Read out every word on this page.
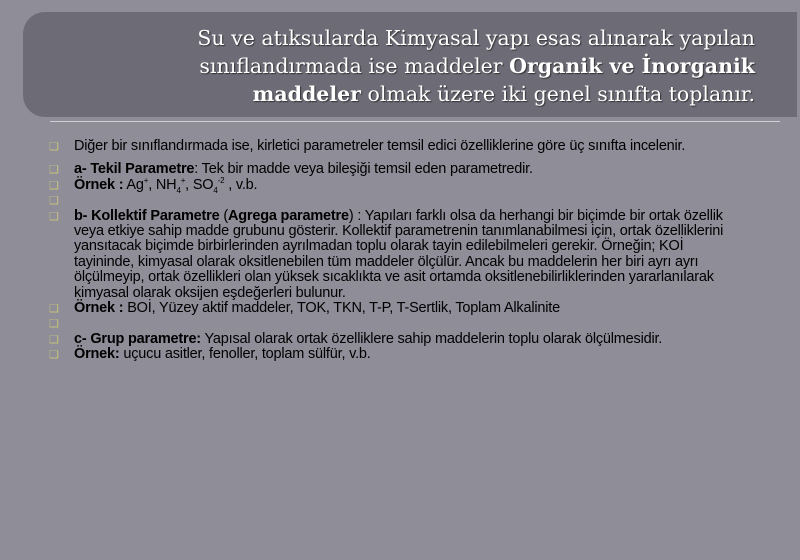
Su ve atıksularda Kimyasal yapı esas alınarak yapılan
sınıflandırmada ise maddeler Organik ve İnorganik
maddeler olmak üzere iki genel sınıfta toplanır.
❑ Diğer bir sınıflandırmada ise, kirletici parametreler temsil edici özelliklerine göre üç sınıfta incelenir.
❑ a- Tekil Parametre: Tek bir madde veya bileşiği temsil eden parametredir.
❑ Örnek : Ag+, $NH_4^+$, $SO_4^{-2}$ , v.b.
❑
❑ b- Kollektif Parametre (Agrega parametre) : Yapıları farklı olsa da herhangi bir biçimde bir ortak özellik veya etkiye sahip madde grubunu gösterir. Kollektif parametrenin tanımlanabilmesi için, ortak özelliklerini yansıtacak biçimde birbirlerinden ayrılmadan toplu olarak tayin edilebilmeleri gerekir. Örneğin; KOİ tayininde, kimyasal olarak oksitlenebilen tüm maddeler ölçülür. Ancak bu maddelerin her biri ayrı ayrı ölçülmeyip, ortak özellikleri olan yüksek sıcaklıkta ve asit ortamda oksitlenebilirliklerinden yararlanılarak kimyasal olarak oksijen eşdeğerleri bulunur.
❑ Örnek : BOİ, Yüzey aktif maddeler, TOK, TKN, T-P, T-Sertlik, Toplam Alkalinite
❑
❑ c- Grup parametre: Yapısal olarak ortak özelliklere sahip maddelerin toplu olarak ölçülmesidir.
❑ Örnek: uçucu asitler, fenoller, toplam sülfür, v.b.
